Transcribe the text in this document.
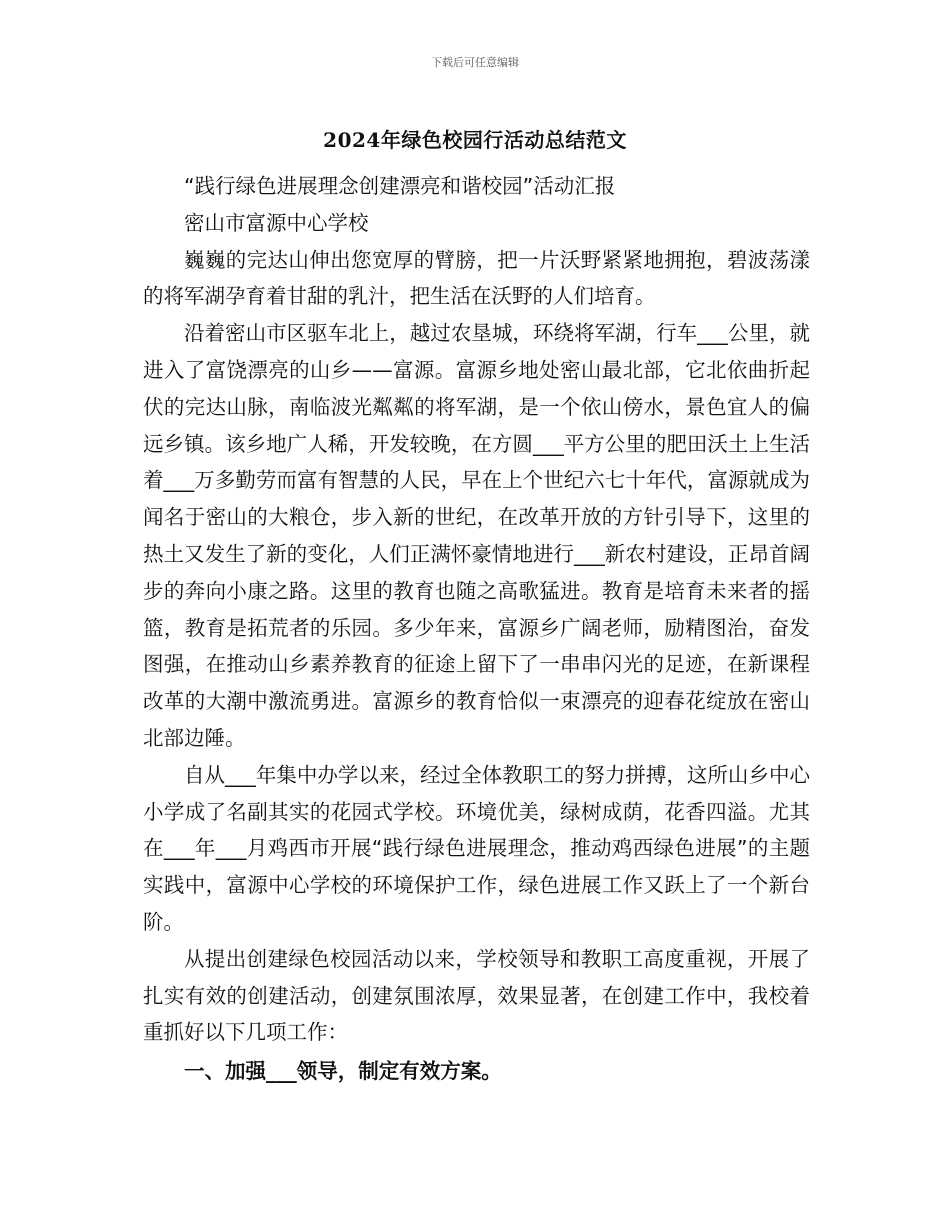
下载后可任意编辑
2024年绿色校园行活动总结范文

“践行绿色进展理念创建漂亮和谐校园”活动汇报

密山市富源中心学校

巍巍的完达山伸出您宽厚的臂膀，把一片沃野紧紧地拥抱，碧波荡漾的将军湖孕育着甘甜的乳汁，把生活在沃野的人们培育。

沿着密山市区驱车北上，越过农垦城，环绕将军湖，行车___公里，就进入了富饶漂亮的山乡——富源。富源乡地处密山最北部，它北依曲折起伏的完达山脉，南临波光粼粼的将军湖，是一个依山傍水，景色宜人的偏远乡镇。该乡地广人稀，开发较晚，在方圆___平方公里的肥田沃土上生活着___万多勤劳而富有智慧的人民，早在上个世纪六七十年代，富源就成为闻名于密山的大粮仓，步入新的世纪，在改革开放的方针引导下，这里的热土又发生了新的变化，人们正满怀豪情地进行___新农村建设，正昂首阔步的奔向小康之路。这里的教育也随之高歌猛进。教育是培育未来者的摇篮，教育是拓荒者的乐园。多少年来，富源乡广阔老师，励精图治，奋发图强，在推动山乡素养教育的征途上留下了一串串闪光的足迹，在新课程改革的大潮中激流勇进。富源乡的教育恰似一束漂亮的迎春花绽放在密山北部边陲。

自从___年集中办学以来，经过全体教职工的努力拼搏，这所山乡中心小学成了名副其实的花园式学校。环境优美，绿树成荫，花香四溢。尤其在___年___月鸡西市开展“践行绿色进展理念，推动鸡西绿色进展”的主题实践中，富源中心学校的环境保护工作，绿色进展工作又跃上了一个新台阶。

从提出创建绿色校园活动以来，学校领导和教职工高度重视，开展了扎实有效的创建活动，创建氛围浓厚，效果显著，在创建工作中，我校着重抓好以下几项工作：

一、加强___领导，制定有效方案。
